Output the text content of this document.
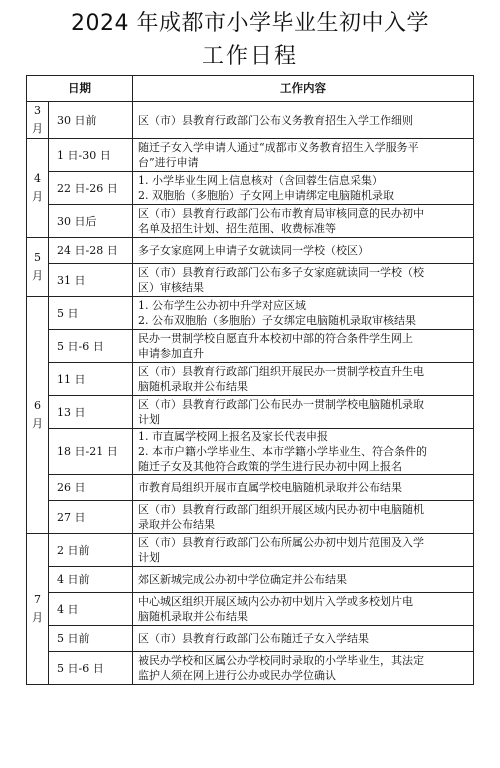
2024 年成都市小学毕业生初中入学
工作日程
日期		工作内容

3月	30 日前	区（市）县教育行政部门公布义务教育招生入学工作细则

4月	1 日-30 日	随迁子女入学申请人通过“成都市义务教育招生入学服务平
台”进行申请

	22 日-26 日	1. 小学毕业生网上信息核对（含回蓉生信息采集）
2. 双胞胎（多胞胎）子女网上申请绑定电脑随机录取

	30 日后	区（市）县教育行政部门公布市教育局审核同意的民办初中
名单及招生计划、招生范围、收费标准等

5月	24 日-28 日	多子女家庭网上申请子女就读同一学校（校区）

	31 日	区（市）县教育行政部门公布多子女家庭就读同一学校（校
区）审核结果

6月	5 日	1. 公布学生公办初中升学对应区域
2. 公布双胞胎（多胞胎）子女绑定电脑随机录取审核结果

	5 日-6 日	民办一贯制学校自愿直升本校初中部的符合条件学生网上
申请参加直升

	11 日	区（市）县教育行政部门组织开展民办一贯制学校直升生电
脑随机录取并公布结果

	13 日	区（市）县教育行政部门公布民办一贯制学校电脑随机录取
计划

	18 日-21 日	1. 市直属学校网上报名及家长代表申报
2. 本市户籍小学毕业生、本市学籍小学毕业生、符合条件的
随迁子女及其他符合政策的学生进行民办初中网上报名

	26 日	市教育局组织开展市直属学校电脑随机录取并公布结果

	27 日	区（市）县教育行政部门组织开展区域内民办初中电脑随机
录取并公布结果

7月	2 日前	区（市）县教育行政部门公布所属公办初中划片范围及入学
计划

	4 日前	郊区新城完成公办初中学位确定并公布结果

	4 日	中心城区组织开展区域内公办初中划片入学或多校划片电
脑随机录取并公布结果

	5 日前	区（市）县教育行政部门公布随迁子女入学结果

	5 日-6 日	被民办学校和区属公办学校同时录取的小学毕业生，其法定
监护人须在网上进行公办或民办学位确认
